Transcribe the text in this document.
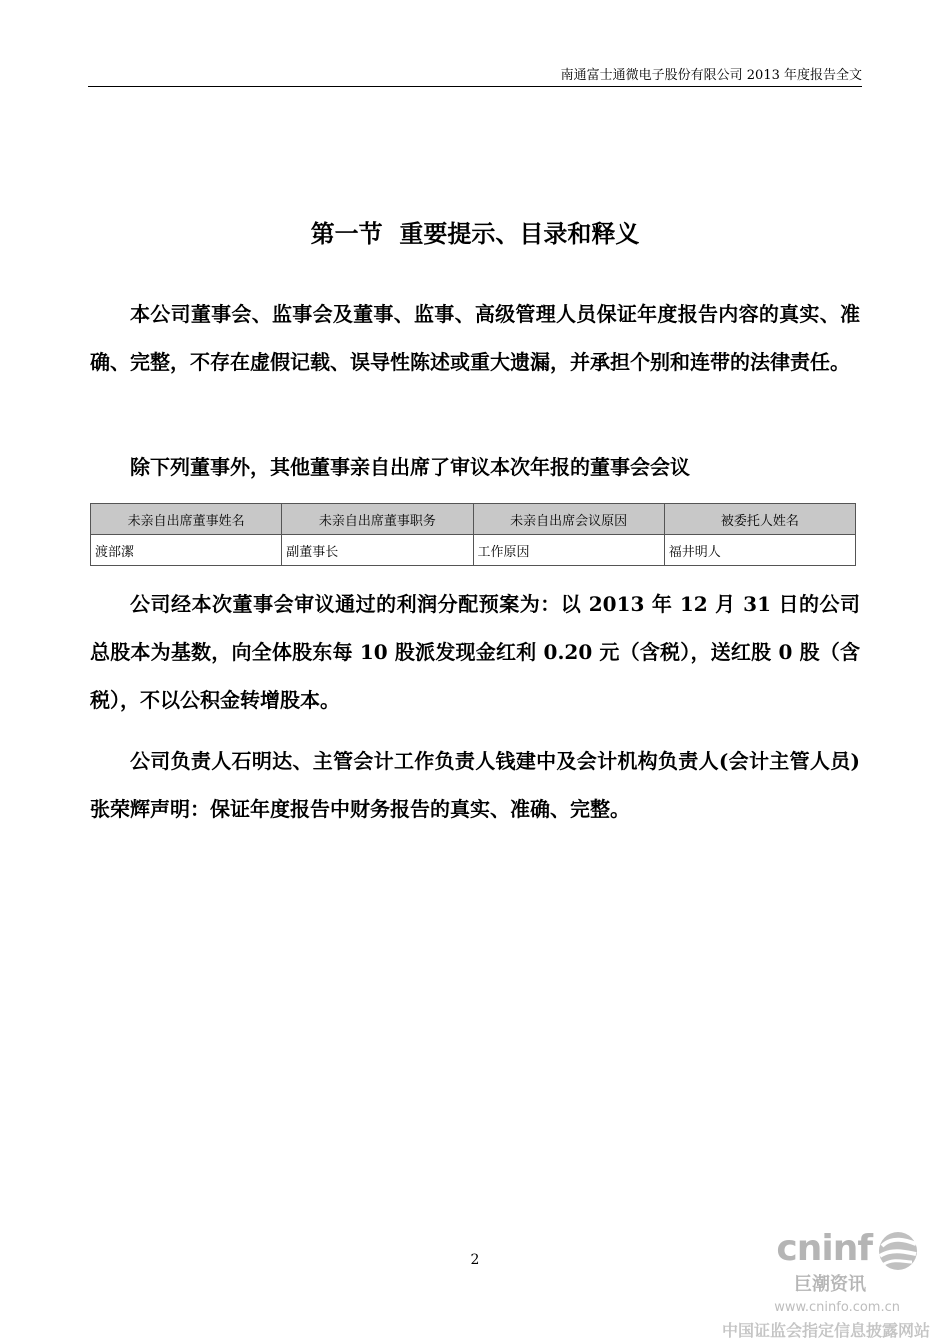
南通富士通微电子股份有限公司 2013 年度报告全文
第一节  重要提示、目录和释义
本公司董事会、监事会及董事、监事、高级管理人员保证年度报告内容的真实、准确、完整，不存在虚假记载、误导性陈述或重大遗漏，并承担个别和连带的法律责任。
除下列董事外，其他董事亲自出席了审议本次年报的董事会会议
未亲自出席董事姓名	未亲自出席董事职务	未亲自出席会议原因	被委托人姓名
渡部潔	副董事长	工作原因	福井明人
公司经本次董事会审议通过的利润分配预案为：以 2013 年 12 月 31 日的公司总股本为基数，向全体股东每 10 股派发现金红利 0.20 元（含税），送红股 0 股（含税），不以公积金转增股本。
公司负责人石明达、主管会计工作负责人钱建中及会计机构负责人(会计主管人员)张荣辉声明：保证年度报告中财务报告的真实、准确、完整。
2	cninf
巨潮资讯
www.cninfo.com.cn
中国证监会指定信息披露网站
